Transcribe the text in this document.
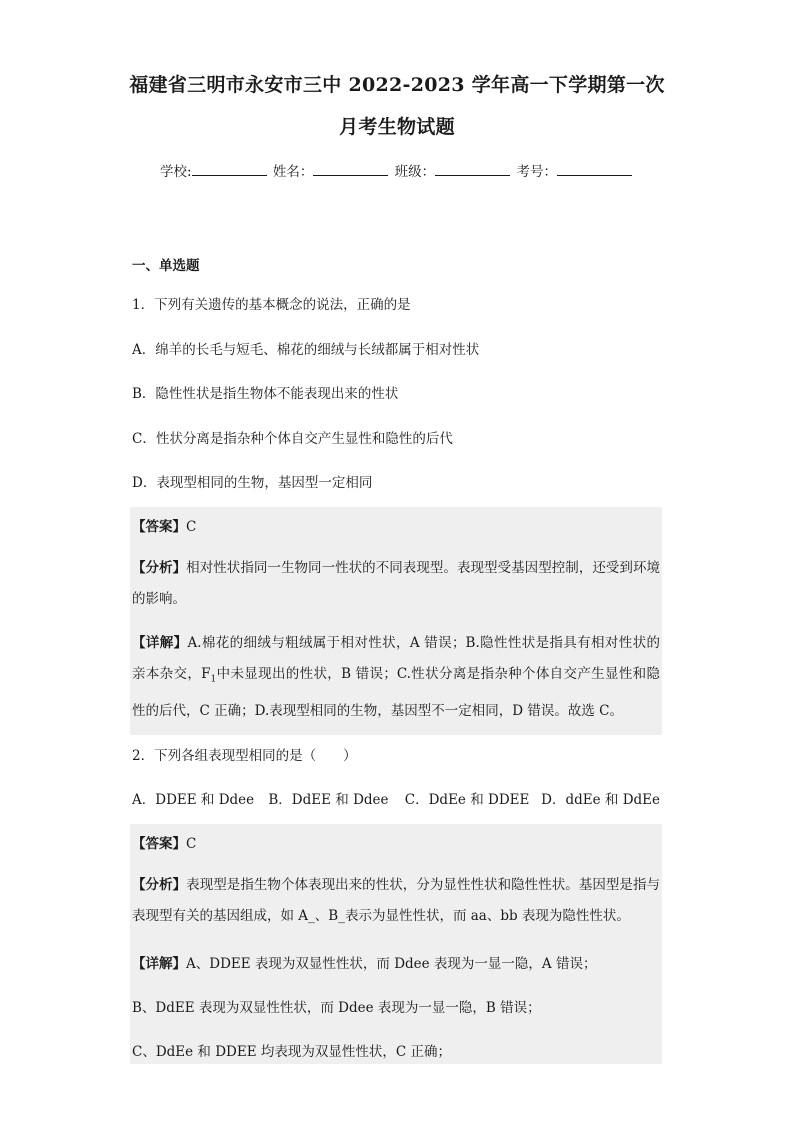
福建省三明市永安市三中 2022-2023 学年高一下学期第一次
月考生物试题
学校:	姓名：	班级：	考号：
一、单选题
1．下列有关遗传的基本概念的说法，正确的是
A．绵羊的长毛与短毛、棉花的细绒与长绒都属于相对性状
B．隐性性状是指生物体不能表现出来的性状
C．性状分离是指杂种个体自交产生显性和隐性的后代
D．表现型相同的生物，基因型一定相同
【答案】C
【分析】相对性状指同一生物同一性状的不同表现型。表现型受基因型控制，还受到环境的影响。
【详解】A.棉花的细绒与粗绒属于相对性状，A 错误；B.隐性性状是指具有相对性状的亲本杂交，$F_1$中未显现出的性状，B 错误；C.性状分离是指杂种个体自交产生显性和隐性的后代，C 正确；D.表现型相同的生物，基因型不一定相同，D 错误。故选 C。
2．下列各组表现型相同的是（　　）
A．DDEE 和 Ddee	B．DdEE 和 Ddee	C．DdEe 和 DDEE D．ddEe 和 DdEe
【答案】C
【分析】表现型是指生物个体表现出来的性状，分为显性性状和隐性性状。基因型是指与表现型有关的基因组成，如 A_、B_表示为显性性状，而 aa、bb 表现为隐性性状。
【详解】A、DDEE 表现为双显性性状，而 Ddee 表现为一显一隐，A 错误；
B、DdEE 表现为双显性性状，而 Ddee 表现为一显一隐，B 错误；
C、DdEe 和 DDEE 均表现为双显性性状，C 正确；
